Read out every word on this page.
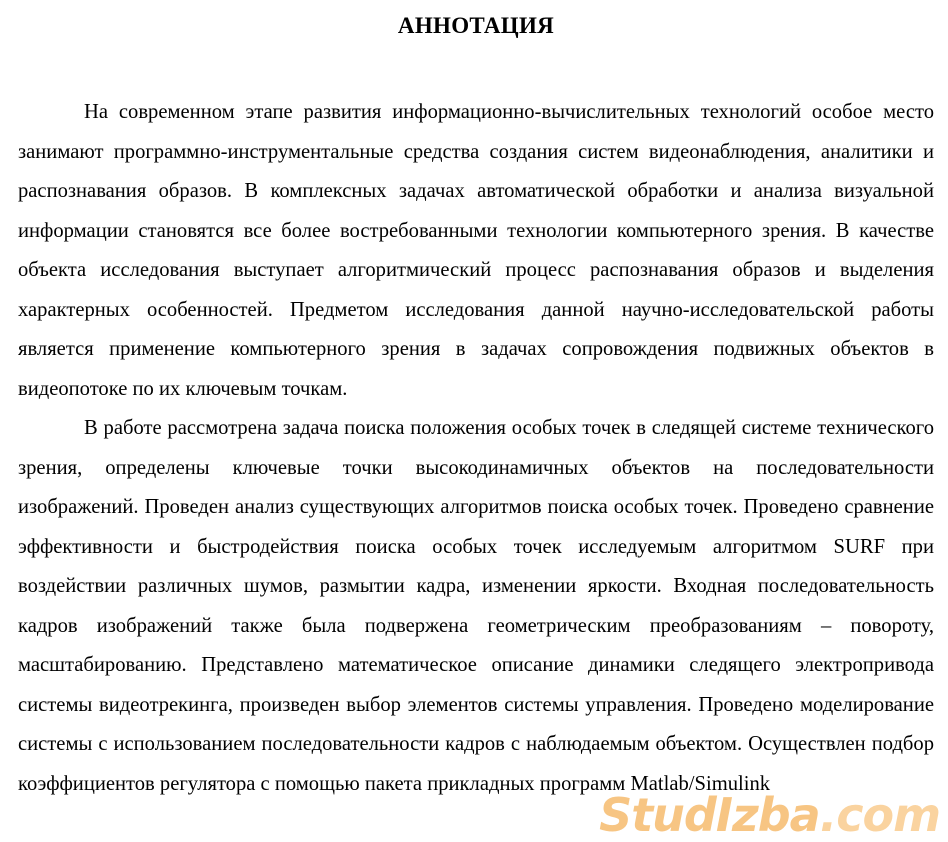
АННОТАЦИЯ

На современном этапе развития информационно-вычислительных технологий особое место занимают программно-инструментальные средства создания систем видеонаблюдения, аналитики и распознавания образов. В комплексных задачах автоматической обработки и анализа визуальной информации становятся все более востребованными технологии компьютерного зрения. В качестве объекта исследования выступает алгоритмический процесс распознавания образов и выделения характерных особенностей. Предметом исследования данной научно-исследовательской работы является применение компьютерного зрения в задачах сопровождения подвижных объектов в видеопотоке по их ключевым точкам.

В работе рассмотрена задача поиска положения особых точек в следящей системе технического зрения, определены ключевые точки высокодинамичных объектов на последовательности изображений. Проведен анализ существующих алгоритмов поиска особых точек. Проведено сравнение эффективности и быстродействия поиска особых точек исследуемым алгоритмом SURF при воздействии различных шумов, размытии кадра, изменении яркости. Входная последовательность кадров изображений также была подвержена геометрическим преобразованиям – повороту, масштабированию. Представлено математическое описание динамики следящего электропривода системы видеотрекинга, произведен выбор элементов системы управления. Проведено моделирование системы с использованием последовательности кадров с наблюдаемым объектом. Осуществлен подбор коэффициентов регулятора с помощью пакета прикладных программ Matlab/Simulink

StudIzba.com
